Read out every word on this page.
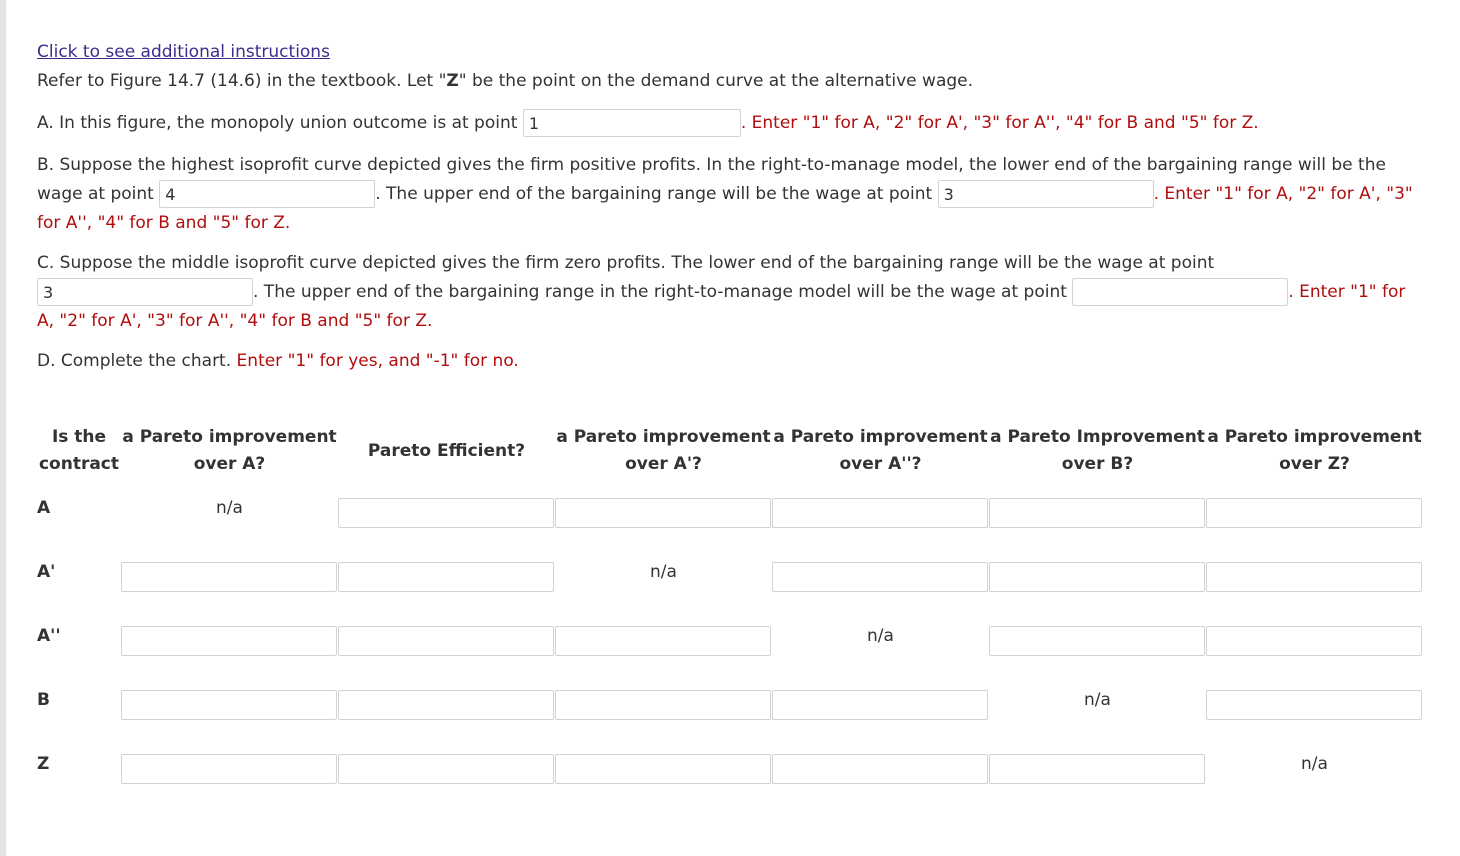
Click to see additional instructions

Refer to Figure 14.7 (14.6) in the textbook. Let "Z" be the point on the demand curve at the alternative wage.

A. In this figure, the monopoly union outcome is at point 1	. Enter "1" for A, "2" for A', "3" for A'', "4" for B and "5" for Z.

B. Suppose the highest isoprofit curve depicted gives the firm positive profits. In the right-to-manage model, the lower end of the bargaining range will be the wage at point 4	. The upper end of the bargaining range will be the wage at point 3	. Enter "1" for A, "2" for A', "3" for A'', "4" for B and "5" for Z.

C. Suppose the middle isoprofit curve depicted gives the firm zero profits. The lower end of the bargaining range will be the wage at point 3. The upper end of the bargaining range in the right-to-manage model will be the wage at point	. Enter "1" for A, "2" for A', "3" for A'', "4" for B and "5" for Z.

D. Complete the chart. Enter "1" for yes, and "-1" for no.

Is the contract	a Pareto improvement over A?	Pareto Efficient?	a Pareto improvement over A'?	a Pareto improvement over A''?	a Pareto Improvement over B?	a Pareto improvement over Z?
A	n/a					
A'			n/a			
A''				n/a		
B					n/a	
Z						n/a
